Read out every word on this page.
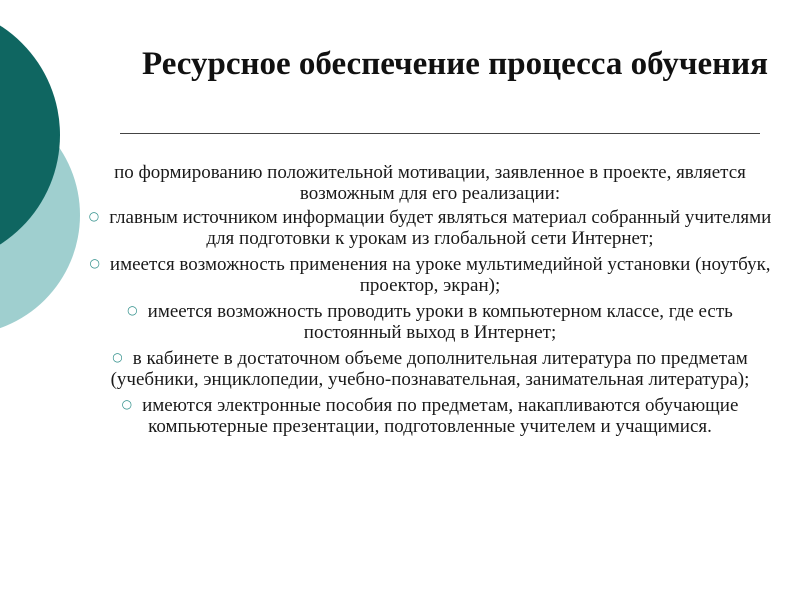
Ресурсное обеспечение процесса обучения

по формированию положительной мотивации, заявленное в проекте, является возможным для его реализации:

○ главным источником информации будет являться материал собранный учителями для подготовки к урокам из глобальной сети Интернет;
○ имеется возможность применения на уроке мультимедийной установки (ноутбук, проектор, экран);
○ имеется возможность проводить уроки в компьютерном классе, где есть постоянный выход в Интернет;
○ в кабинете в достаточном объеме дополнительная литература по предметам (учебники, энциклопедии, учебно-познавательная, занимательная литература);
○ имеются электронные пособия по предметам, накапливаются обучающие компьютерные презентации, подготовленные учителем и учащимися.
